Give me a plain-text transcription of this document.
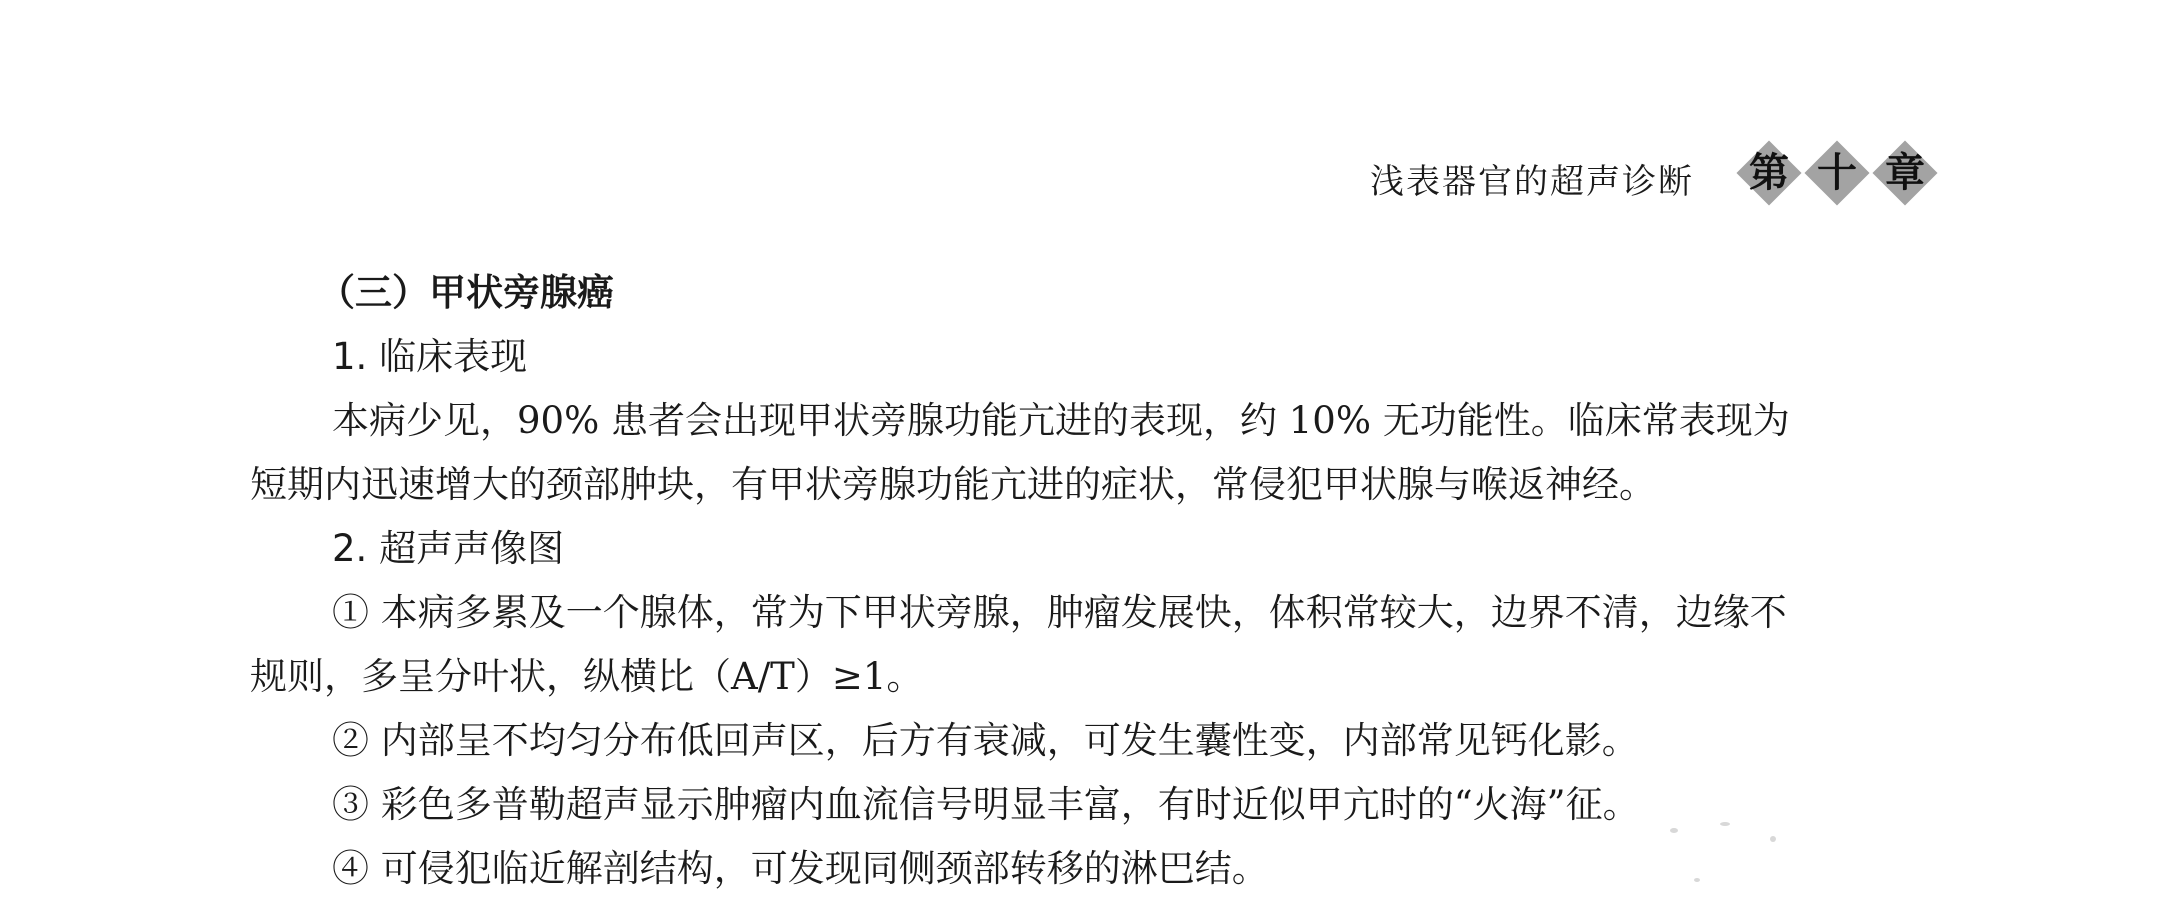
浅表器官的超声诊断	第 十 章
（三）甲状旁腺癌
1. 临床表现
本病少见，90% 患者会出现甲状旁腺功能亢进的表现，约 10% 无功能性。临床常表现为
短期内迅速增大的颈部肿块，有甲状旁腺功能亢进的症状，常侵犯甲状腺与喉返神经。
2. 超声声像图
① 本病多累及一个腺体，常为下甲状旁腺，肿瘤发展快，体积常较大，边界不清，边缘不
规则，多呈分叶状，纵横比（A/T）≥1。
② 内部呈不均匀分布低回声区，后方有衰减，可发生囊性变，内部常见钙化影。
③ 彩色多普勒超声显示肿瘤内血流信号明显丰富，有时近似甲亢时的“火海”征。
④ 可侵犯临近解剖结构，可发现同侧颈部转移的淋巴结。
